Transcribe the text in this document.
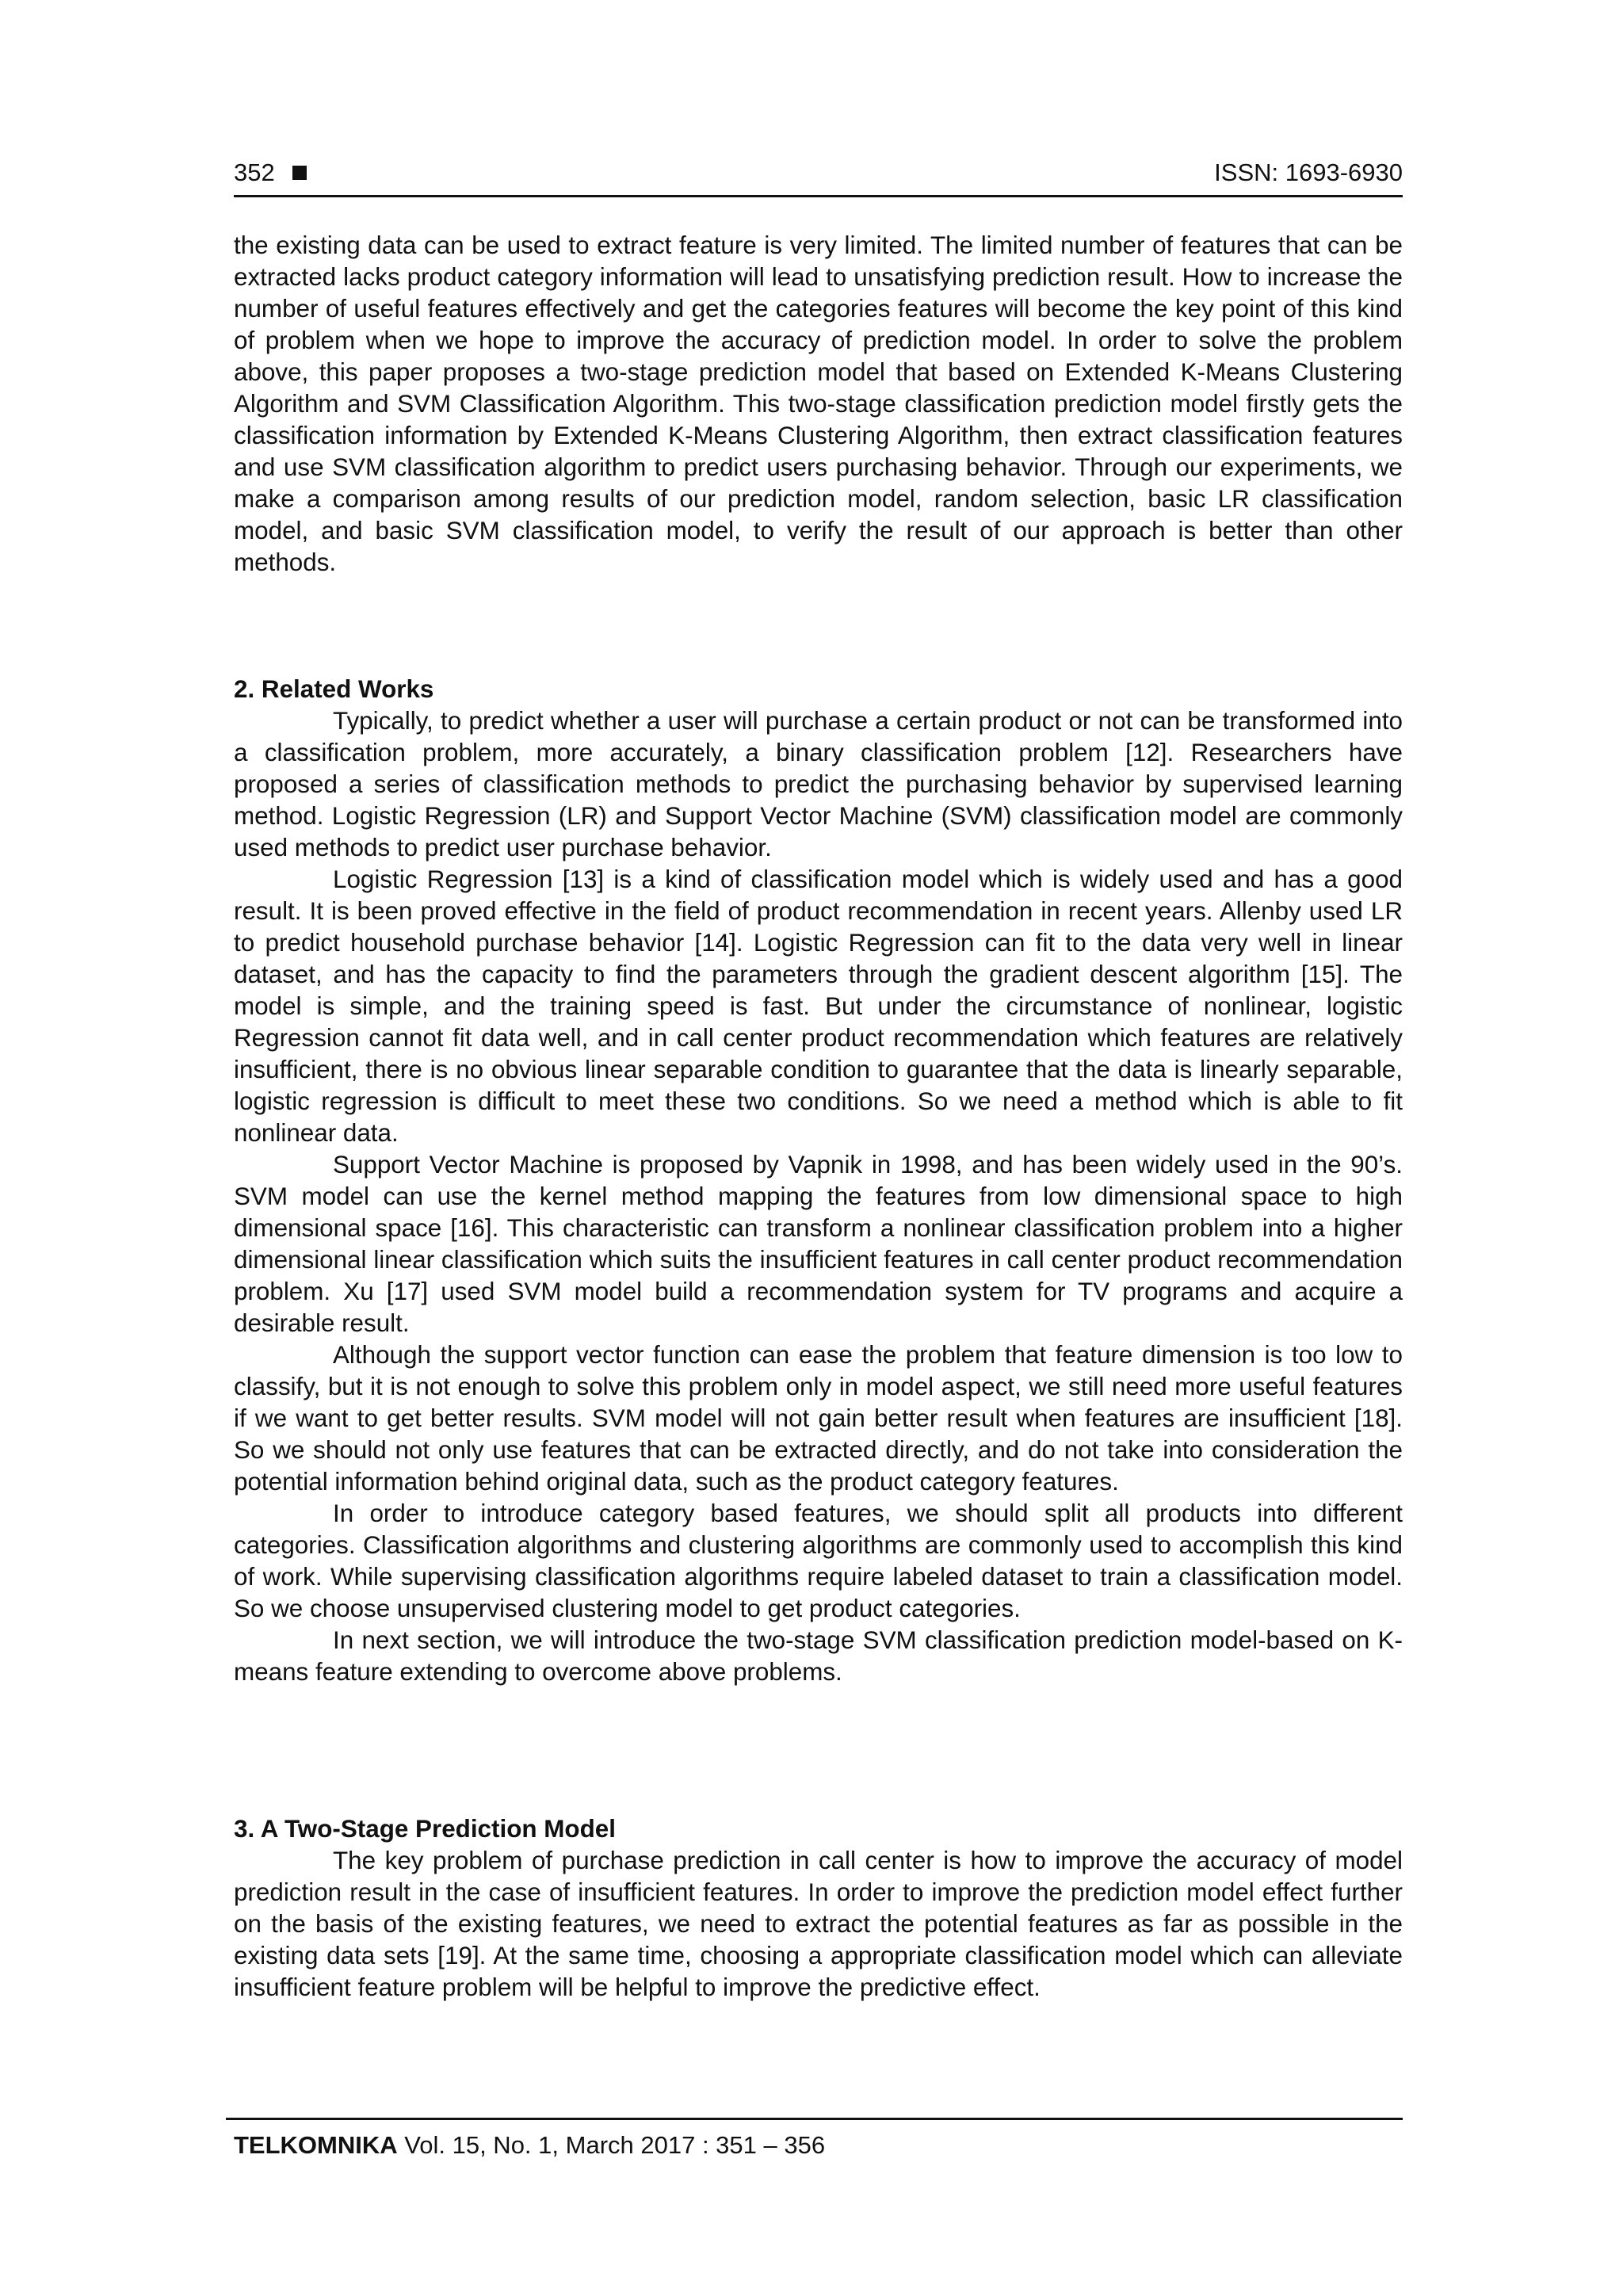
352	ISSN: 1693-6930

the existing data can be used to extract feature is very limited. The limited number of features that can be extracted lacks product category information will lead to unsatisfying prediction result. How to increase the number of useful features effectively and get the categories features will become the key point of this kind of problem when we hope to improve the accuracy of prediction model. In order to solve the problem above, this paper proposes a two-stage prediction model that based on Extended K-Means Clustering Algorithm and SVM Classification Algorithm. This two-stage classification prediction model firstly gets the classification information by Extended K-Means Clustering Algorithm, then extract classification features and use SVM classification algorithm to predict users purchasing behavior. Through our experiments, we make a comparison among results of our prediction model, random selection, basic LR classification model, and basic SVM classification model, to verify the result of our approach is better than other methods.

2. Related Works

Typically, to predict whether a user will purchase a certain product or not can be transformed into a classification problem, more accurately, a binary classification problem [12]. Researchers have proposed a series of classification methods to predict the purchasing behavior by supervised learning method. Logistic Regression (LR) and Support Vector Machine (SVM) classification model are commonly used methods to predict user purchase behavior.

Logistic Regression [13] is a kind of classification model which is widely used and has a good result. It is been proved effective in the field of product recommendation in recent years. Allenby used LR to predict household purchase behavior [14]. Logistic Regression can fit to the data very well in linear dataset, and has the capacity to find the parameters through the gradient descent algorithm [15]. The model is simple, and the training speed is fast. But under the circumstance of nonlinear, logistic Regression cannot fit data well, and in call center product recommendation which features are relatively insufficient, there is no obvious linear separable condition to guarantee that the data is linearly separable, logistic regression is difficult to meet these two conditions. So we need a method which is able to fit nonlinear data.

Support Vector Machine is proposed by Vapnik in 1998, and has been widely used in the 90’s. SVM model can use the kernel method mapping the features from low dimensional space to high dimensional space [16]. This characteristic can transform a nonlinear classification problem into a higher dimensional linear classification which suits the insufficient features in call center product recommendation problem. Xu [17] used SVM model build a recommendation system for TV programs and acquire a desirable result.

Although the support vector function can ease the problem that feature dimension is too low to classify, but it is not enough to solve this problem only in model aspect, we still need more useful features if we want to get better results. SVM model will not gain better result when features are insufficient [18]. So we should not only use features that can be extracted directly, and do not take into consideration the potential information behind original data, such as the product category features.

In order to introduce category based features, we should split all products into different categories. Classification algorithms and clustering algorithms are commonly used to accomplish this kind of work. While supervising classification algorithms require labeled dataset to train a classification model. So we choose unsupervised clustering model to get product categories.

In next section, we will introduce the two-stage SVM classification prediction model-based on K-means feature extending to overcome above problems.

3. A Two-Stage Prediction Model

The key problem of purchase prediction in call center is how to improve the accuracy of model prediction result in the case of insufficient features. In order to improve the prediction model effect further on the basis of the existing features, we need to extract the potential features as far as possible in the existing data sets [19]. At the same time, choosing a appropriate classification model which can alleviate insufficient feature problem will be helpful to improve the predictive effect.

TELKOMNIKA Vol. 15, No. 1, March 2017 : 351 – 356
